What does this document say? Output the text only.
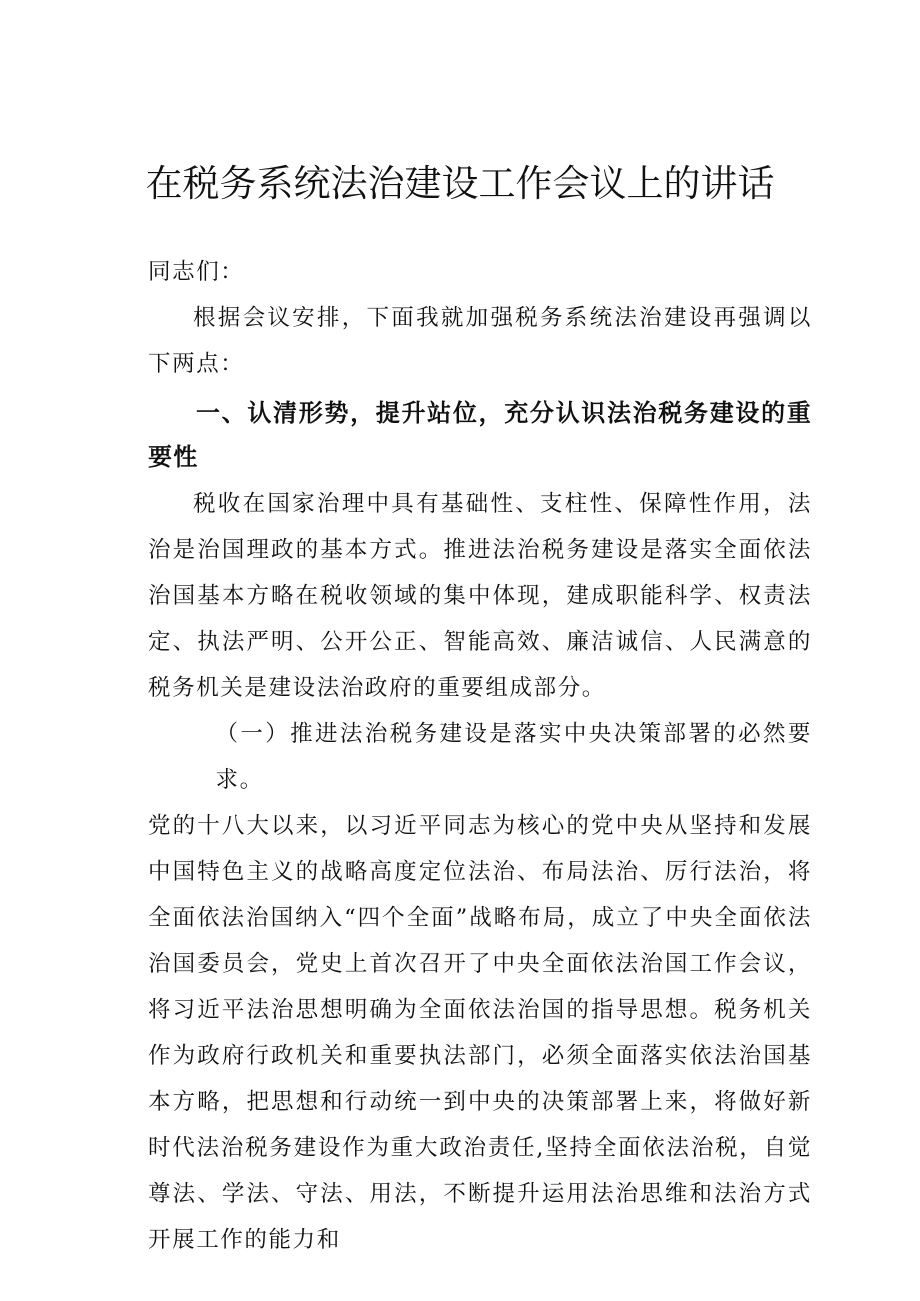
在税务系统法治建设工作会议上的讲话

同志们：

根据会议安排，下面我就加强税务系统法治建设再强调以下两点：

一、认清形势，提升站位，充分认识法治税务建设的重要性

税收在国家治理中具有基础性、支柱性、保障性作用，法治是治国理政的基本方式。推进法治税务建设是落实全面依法治国基本方略在税收领域的集中体现，建成职能科学、权责法定、执法严明、公开公正、智能高效、廉洁诚信、人民满意的税务机关是建设法治政府的重要组成部分。

（一）推进法治税务建设是落实中央决策部署的必然要求。
党的十八大以来，以习近平同志为核心的党中央从坚持和发展中国特色主义的战略高度定位法治、布局法治、厉行法治，将全面依法治国纳入“四个全面”战略布局，成立了中央全面依法治国委员会，党史上首次召开了中央全面依法治国工作会议，将习近平法治思想明确为全面依法治国的指导思想。税务机关作为政府行政机关和重要执法部门，必须全面落实依法治国基本方略，把思想和行动统一到中央的决策部署上来，将做好新时代法治税务建设作为重大政治责任,坚持全面依法治税，自觉尊法、学法、守法、用法，不断提升运用法治思维和法治方式开展工作的能力和
